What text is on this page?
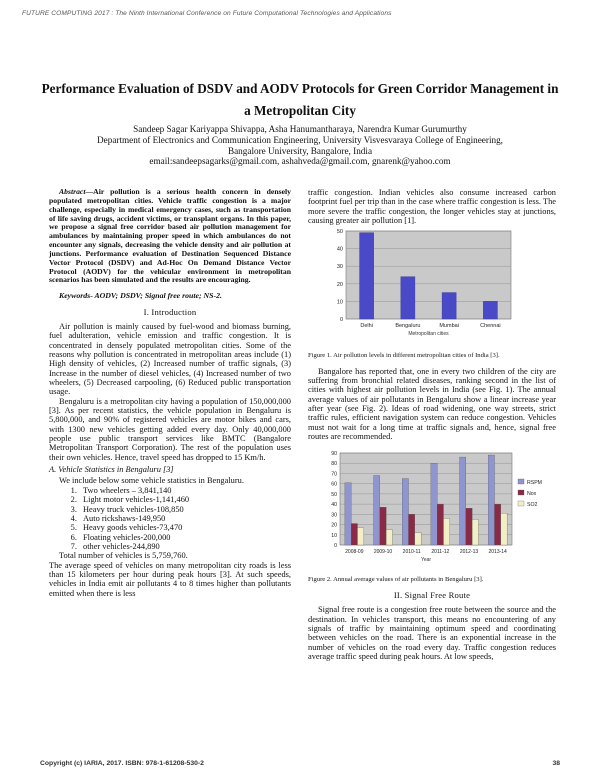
FUTURE COMPUTING 2017 : The Ninth International Conference on Future Computational Technologies and Applications
Performance Evaluation of DSDV and AODV Protocols for Green Corridor Management in a Metropolitan City
Sandeep Sagar Kariyappa Shivappa, Asha Hanumantharaya, Narendra Kumar Gurumurthy
Department of Electronics and Communication Engineering, University Visvesvaraya College of Engineering,
Bangalore University, Bangalore, India
email:sandeepsagarks@gmail.com, ashahveda@gmail.com, gnarenk@yahoo.com

Abstract—Air pollution is a serious health concern in densely populated metropolitan cities. Vehicle traffic congestion is a major challenge, especially in medical emergency cases, such as transportation of life saving drugs, accident victims, or transplant organs. In this paper, we propose a signal free corridor based air pollution management for ambulances by maintaining proper speed in which ambulances do not encounter any signals, decreasing the vehicle density and air pollution at junctions. Performance evaluation of Destination Sequenced Distance Vector Protocol (DSDV) and Ad-Hoc On Demand Distance Vector Protocol (AODV) for the vehicular environment in metropolitan scenarios has been simulated and the results are encouraging.

Keywords- AODV; DSDV; Signal free route; NS-2.

I. Introduction

Air pollution is mainly caused by fuel-wood and biomass burning, fuel adulteration, vehicle emission and traffic congestion. It is concentrated in densely populated metropolitan cities. Some of the reasons why pollution is concentrated in metropolitan areas include (1) High density of vehicles, (2) Increased number of traffic signals, (3) Increase in the number of diesel vehicles, (4) Increased number of two wheelers, (5) Decreased carpooling, (6) Reduced public transportation usage.

Bengaluru is a metropolitan city having a population of 150,000,000 [3]. As per recent statistics, the vehicle population in Bengaluru is 5,800,000, and 90% of registered vehicles are motor bikes and cars, with 1300 new vehicles getting added every day. Only 40,000,000 people use public transport services like BMTC (Bangalore Metropolitan Transport Corporation). The rest of the population uses their own vehicles. Hence, travel speed has dropped to 15 Km/h.

A. Vehicle Statistics in Bengaluru [3]

We include below some vehicle statistics in Bengaluru.

1. Two wheelers – 3,841,140
2. Light motor vehicles-1,141,460
3. Heavy truck vehicles-108,850
4. Auto rickshaws-149,950
5. Heavy goods vehicles-73,470
6. Floating vehicles-200,000
7. other vehicles-244,890

Total number of vehicles is 5,759,760.

The average speed of vehicles on many metropolitan city roads is less than 15 kilometers per hour during peak hours [3]. At such speeds, vehicles in India emit air pollutants 4 to 8 times higher than pollutants emitted when there is less

traffic congestion. Indian vehicles also consume increased carbon footprint fuel per trip than in the case where traffic congestion is less. The more severe the traffic congestion, the longer vehicles stay at junctions, causing greater air pollution [1].

0
10
20
30
40
50
Delhi	Bengaluru	Mumbai	Chennai
Metropolitan cities
Figure 1. Air pollution levels in different metropolitan cities of India [3].

Bangalore has reported that, one in every two children of the city are suffering from bronchial related diseases, ranking second in the list of cities with highest air pollution levels in India (see Fig. 1). The annual average values of air pollutants in Bengaluru show a linear increase year after year (see Fig. 2). Ideas of road widening, one way streets, strict traffic rules, efficient navigation system can reduce congestion. Vehicles must not wait for a long time at traffic signals and, hence, signal free routes are recommended.

0
10
20
30
40
50
60
70
80
90
2008-09 2009-10 2010-11 2011-12 2012-13 2013-14
Year
RSPM
Nox
SO2
Figure 2. Annual average values of air pollutants in Bengaluru [3].
II. Signal Free Route

Signal free route is a congestion free route between the source and the destination. In vehicles transport, this means no encountering of any signals of traffic by maintaining optimum speed and coordinating between vehicles on the road. There is an exponential increase in the number of vehicles on the road every day. Traffic congestion reduces average traffic speed during peak hours. At low speeds,

Copyright (c) IARIA, 2017. ISBN: 978-1-61208-530-2	38
